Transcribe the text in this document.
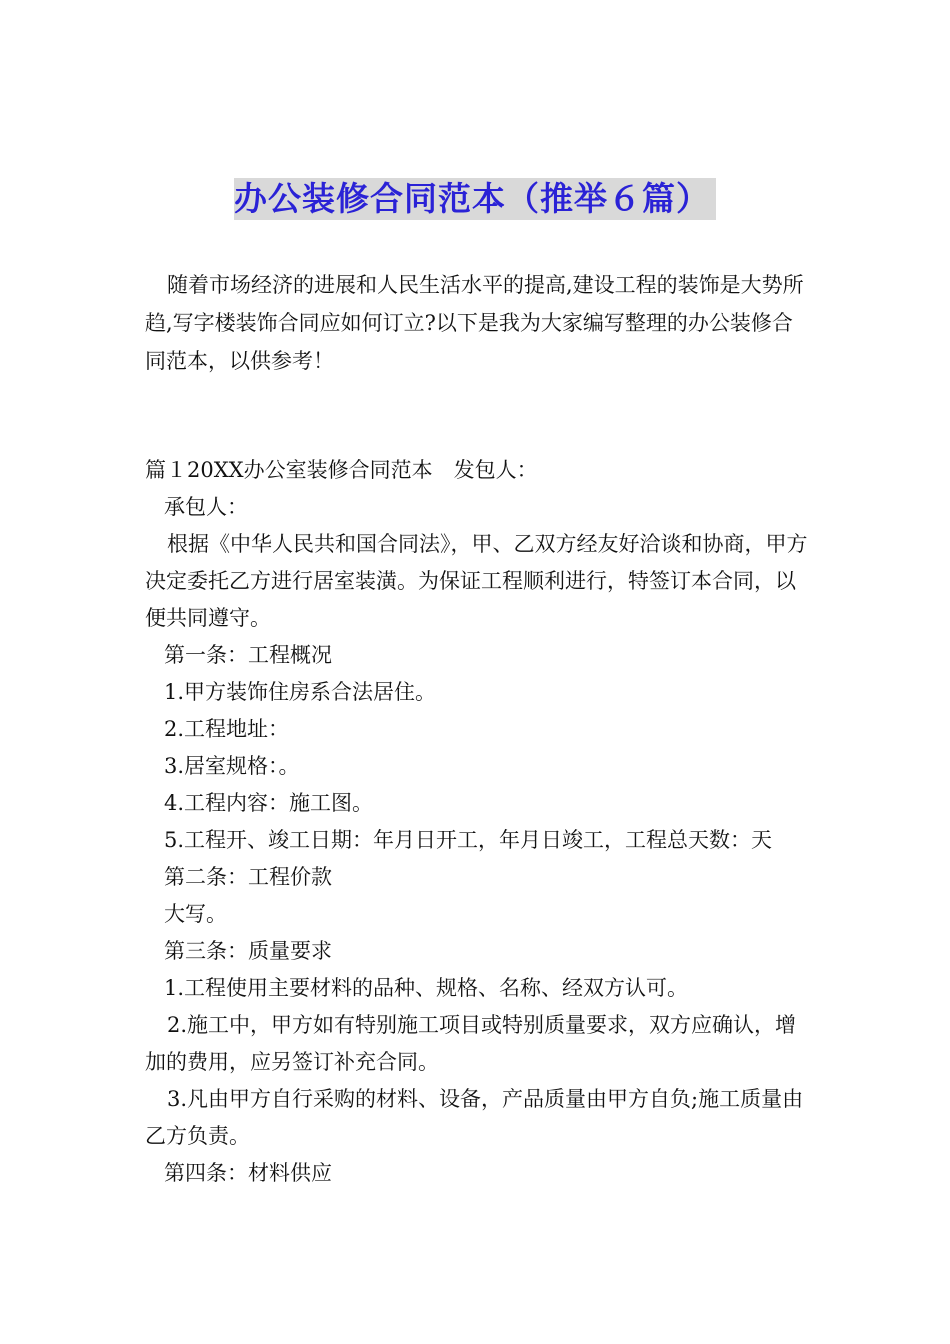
办公装修合同范本（推举６篇）

随着市场经济的进展和人民生活水平的提高,建设工程的装饰是大势所趋,写字楼装饰合同应如何订立?以下是我为大家编写整理的办公装修合同范本，以供参考！

篇１20XX办公室装修合同范本　发包人：

承包人：

根据《中华人民共和国合同法》，甲、乙双方经友好洽谈和协商，甲方决定委托乙方进行居室装潢。为保证工程顺利进行，特签订本合同，以便共同遵守。

第一条：工程概况

1.甲方装饰住房系合法居住。

2.工程地址：

3.居室规格：。

4.工程内容：施工图。

5.工程开、竣工日期：年月日开工，年月日竣工，工程总天数：天

第二条：工程价款

大写。

第三条：质量要求

1.工程使用主要材料的品种、规格、名称、经双方认可。

2.施工中，甲方如有特别施工项目或特别质量要求，双方应确认，增加的费用，应另签订补充合同。

3.凡由甲方自行采购的材料、设备，产品质量由甲方自负;施工质量由乙方负责。

第四条：材料供应
